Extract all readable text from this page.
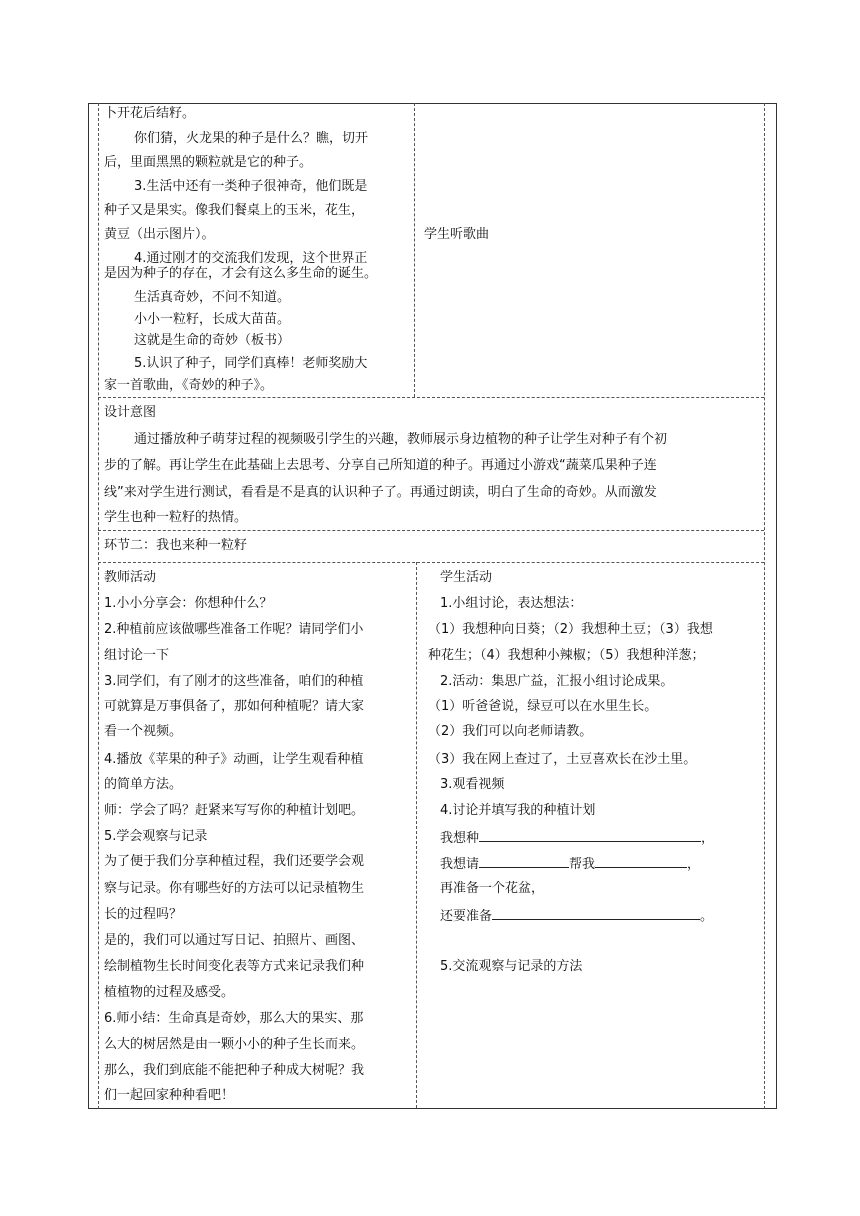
卜开花后结籽。
你们猜，火龙果的种子是什么？瞧，切开
后，里面黑黑的颗粒就是它的种子。
3.生活中还有一类种子很神奇，他们既是
种子又是果实。像我们餐桌上的玉米，花生，
黄豆（出示图片）。
4.通过刚才的交流我们发现，这个世界正
是因为种子的存在，才会有这么多生命的诞生。
生活真奇妙，不问不知道。
小小一粒籽，长成大苗苗。
这就是生命的奇妙（板书）
5.认识了种子，同学们真棒！老师奖励大
家一首歌曲，《奇妙的种子》。
学生听歌曲
设计意图
通过播放种子萌芽过程的视频吸引学生的兴趣，教师展示身边植物的种子让学生对种子有个初
步的了解。再让学生在此基础上去思考、分享自己所知道的种子。再通过小游戏“蔬菜瓜果种子连
线”来对学生进行测试，看看是不是真的认识种子了。再通过朗读，明白了生命的奇妙。从而激发
学生也种一粒籽的热情。
环节二：我也来种一粒籽
教师活动
1.小小分享会：你想种什么？
2.种植前应该做哪些准备工作呢？请同学们小
组讨论一下
3.同学们，有了刚才的这些准备，咱们的种植
可就算是万事俱备了，那如何种植呢？请大家
看一个视频。
4.播放《苹果的种子》动画，让学生观看种植
的简单方法。
师：学会了吗？赶紧来写写你的种植计划吧。
5.学会观察与记录
为了便于我们分享种植过程，我们还要学会观
察与记录。你有哪些好的方法可以记录植物生
长的过程吗？
是的，我们可以通过写日记、拍照片、画图、
绘制植物生长时间变化表等方式来记录我们种
植植物的过程及感受。
6.师小结：生命真是奇妙，那么大的果实、那
么大的树居然是由一颗小小的种子生长而来。
那么，我们到底能不能把种子种成大树呢？我
们一起回家种种看吧！
学生活动
1.小组讨论，表达想法：
（1）我想种向日葵；（2）我想种土豆；（3）我想
种花生；（4）我想种小辣椒；（5）我想种洋葱；
2.活动：集思广益，汇报小组讨论成果。
（1）听爸爸说，绿豆可以在水里生长。
（2）我们可以向老师请教。
（3）我在网上查过了，土豆喜欢长在沙土里。
3.观看视频
4.讨论并填写我的种植计划
我想种	，
我想请	帮我	，
再准备一个花盆，
还要准备	。
5.交流观察与记录的方法
